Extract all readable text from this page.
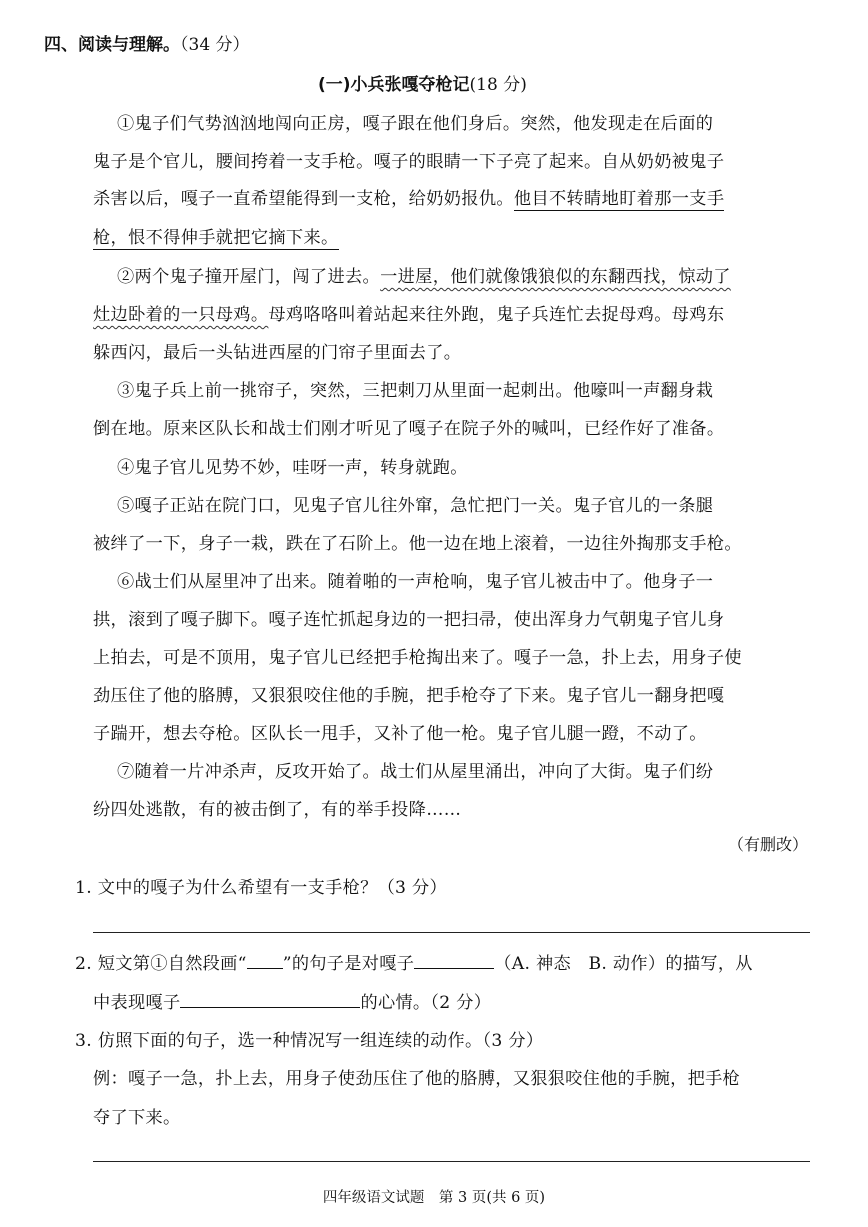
四、阅读与理解。（34 分）
(一)小兵张嘎夺枪记(18 分)
①鬼子们气势汹汹地闯向正房，嘎子跟在他们身后。突然，他发现走在后面的
鬼子是个官儿，腰间挎着一支手枪。嘎子的眼睛一下子亮了起来。自从奶奶被鬼子
杀害以后，嘎子一直希望能得到一支枪，给奶奶报仇。他目不转睛地盯着那一支手
枪，恨不得伸手就把它摘下来。
②两个鬼子撞开屋门，闯了进去。一进屋，他们就像饿狼似的东翻西找，惊动了
灶边卧着的一只母鸡。母鸡咯咯叫着站起来往外跑，鬼子兵连忙去捉母鸡。母鸡东
躲西闪，最后一头钻进西屋的门帘子里面去了。
③鬼子兵上前一挑帘子，突然，三把刺刀从里面一起刺出。他嚎叫一声翻身栽
倒在地。原来区队长和战士们刚才听见了嘎子在院子外的喊叫，已经作好了准备。
④鬼子官儿见势不妙，哇呀一声，转身就跑。
⑤嘎子正站在院门口，见鬼子官儿往外窜，急忙把门一关。鬼子官儿的一条腿
被绊了一下，身子一栽，跌在了石阶上。他一边在地上滚着，一边往外掏那支手枪。
⑥战士们从屋里冲了出来。随着啪的一声枪响，鬼子官儿被击中了。他身子一
拱，滚到了嘎子脚下。嘎子连忙抓起身边的一把扫帚，使出浑身力气朝鬼子官儿身
上拍去，可是不顶用，鬼子官儿已经把手枪掏出来了。嘎子一急，扑上去，用身子使
劲压住了他的胳膊，又狠狠咬住他的手腕，把手枪夺了下来。鬼子官儿一翻身把嘎
子踹开，想去夺枪。区队长一甩手，又补了他一枪。鬼子官儿腿一蹬，不动了。
⑦随着一片冲杀声，反攻开始了。战士们从屋里涌出，冲向了大街。鬼子们纷
纷四处逃散，有的被击倒了，有的举手投降……
（有删改）
1. 文中的嘎子为什么希望有一支手枪？（3 分）
2. 短文第①自然段画“ ”的句子是对嘎子	（A. 神态　B. 动作）的描写，从
中表现嘎子	的心情。（2 分）
3. 仿照下面的句子，选一种情况写一组连续的动作。（3 分）
例：嘎子一急，扑上去，用身子使劲压住了他的胳膊，又狠狠咬住他的手腕，把手枪
夺了下来。
四年级语文试题　第 3 页(共 6 页)
